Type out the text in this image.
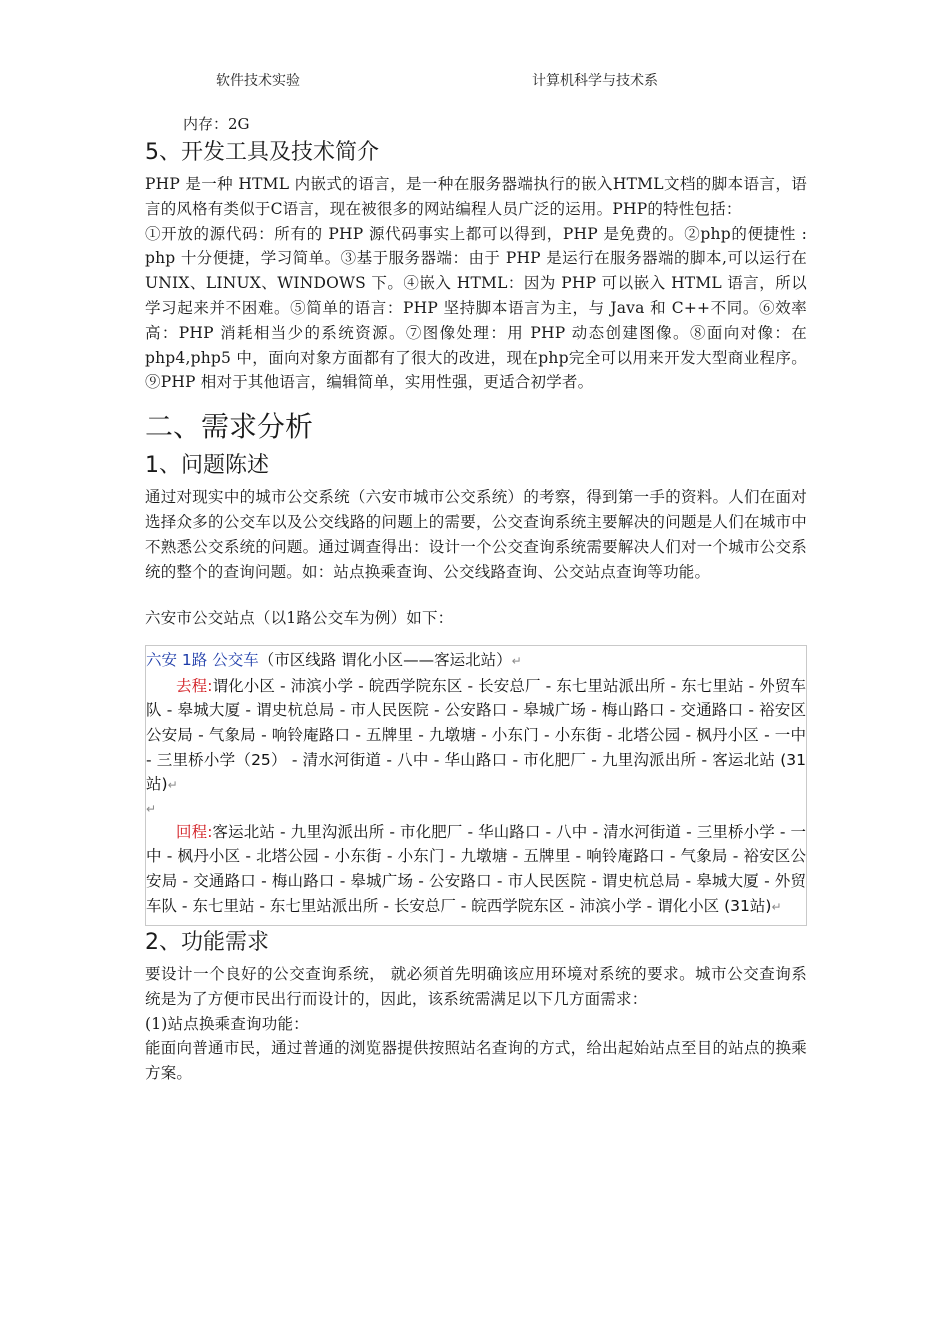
软件技术实验	计算机科学与技术系
内存：2G
5、开发工具及技术简介

PHP 是一种 HTML 内嵌式的语言，是一种在服务器端执行的嵌入HTML文档的脚本语言，语言的风格有类似于C语言，现在被很多的网站编程人员广泛的运用。PHP的特性包括：

①开放的源代码：所有的 PHP 源代码事实上都可以得到，PHP 是免费的。②php的便捷性 : php 十分便捷，学习简单。③基于服务器端：由于 PHP 是运行在服务器端的脚本,可以运行在 UNIX、LINUX、WINDOWS 下。④嵌入 HTML：因为 PHP 可以嵌入 HTML 语言，所以学习起来并不困难。⑤简单的语言：PHP 坚持脚本语言为主，与 Java 和 C++不同。⑥效率高：PHP 消耗相当少的系统资源。⑦图像处理：用 PHP 动态创建图像。⑧面向对像：在 php4,php5 中，面向对象方面都有了很大的改进，现在php完全可以用来开发大型商业程序。⑨PHP 相对于其他语言，编辑简单，实用性强，更适合初学者。

二、需求分析
1、问题陈述

通过对现实中的城市公交系统（六安市城市公交系统）的考察，得到第一手的资料。人们在面对选择众多的公交车以及公交线路的问题上的需要，公交查询系统主要解决的问题是人们在城市中不熟悉公交系统的问题。通过调查得出：设计一个公交查询系统需要解决人们对一个城市公交系统的整个的查询问题。如：站点换乘查询、公交线路查询、公交站点查询等功能。

六安市公交站点（以1路公交车为例）如下：

六安 1路 公交车（市区线路 谓化小区——客运北站）↵

去程:谓化小区 - 沛滨小学 - 皖西学院东区 - 长安总厂 - 东七里站派出所 - 东七里站 - 外贸车队 - 皋城大厦 - 谓史杭总局 - 市人民医院 - 公安路口 - 皋城广场 - 梅山路口 - 交通路口 - 裕安区公安局 - 气象局 - 响铃庵路口 - 五牌里 - 九墩塘 - 小东门 - 小东街 - 北塔公园 - 枫丹小区 - 一中 - 三里桥小学（25） - 清水河街道 - 八中 - 华山路口 - 市化肥厂 - 九里沟派出所 - 客运北站 (31站)↵

↵

回程:客运北站 - 九里沟派出所 - 市化肥厂 - 华山路口 - 八中 - 清水河街道 - 三里桥小学 - 一中 - 枫丹小区 - 北塔公园 - 小东街 - 小东门 - 九墩塘 - 五牌里 - 响铃庵路口 - 气象局 - 裕安区公安局 - 交通路口 - 梅山路口 - 皋城广场 - 公安路口 - 市人民医院 - 谓史杭总局 - 皋城大厦 - 外贸车队 - 东七里站 - 东七里站派出所 - 长安总厂 - 皖西学院东区 - 沛滨小学 - 谓化小区 (31站)↵

2、功能需求

要设计一个良好的公交查询系统， 就必须首先明确该应用环境对系统的要求。城市公交查询系统是为了方便市民出行而设计的，因此，该系统需满足以下几方面需求：

(1)站点换乘查询功能：

能面向普通市民，通过普通的浏览器提供按照站名查询的方式，给出起始站点至目的站点的换乘方案。
